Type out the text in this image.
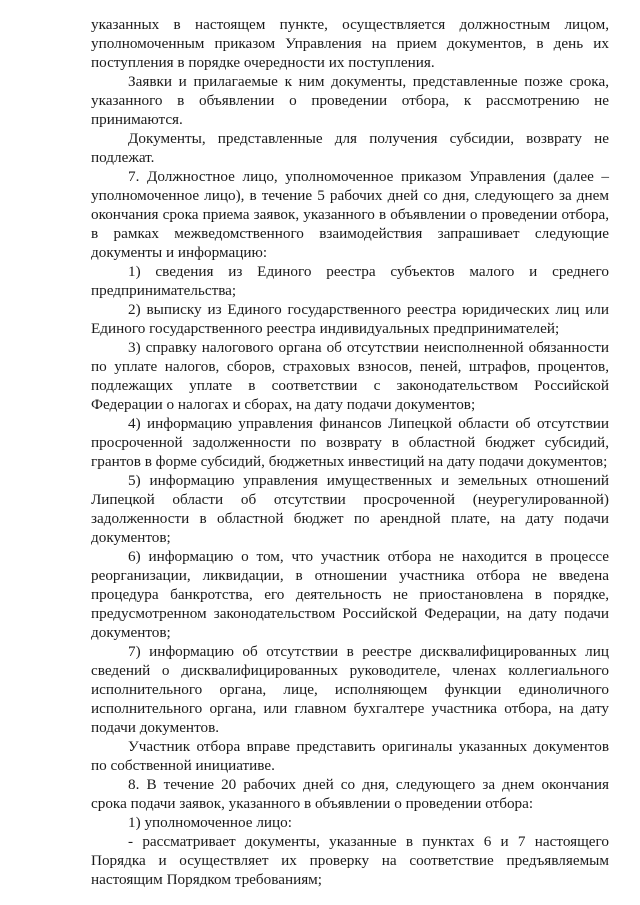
указанных в настоящем пункте, осуществляется должностным лицом, уполномоченным приказом Управления на прием документов, в день их поступления в порядке очередности их поступления.

Заявки и прилагаемые к ним документы, представленные позже срока, указанного в объявлении о проведении отбора, к рассмотрению не принимаются.

Документы, представленные для получения субсидии, возврату не подлежат.

7. Должностное лицо, уполномоченное приказом Управления (далее – уполномоченное лицо), в течение 5 рабочих дней со дня, следующего за днем окончания срока приема заявок, указанного в объявлении о проведении отбора, в рамках межведомственного взаимодействия запрашивает следующие документы и информацию:

1) сведения из Единого реестра субъектов малого и среднего предпринимательства;

2) выписку из Единого государственного реестра юридических лиц или Единого государственного реестра индивидуальных предпринимателей;

3) справку налогового органа об отсутствии неисполненной обязанности по уплате налогов, сборов, страховых взносов, пеней, штрафов, процентов, подлежащих уплате в соответствии с законодательством Российской Федерации о налогах и сборах, на дату подачи документов;

4) информацию управления финансов Липецкой области об отсутствии просроченной задолженности по возврату в областной бюджет субсидий, грантов в форме субсидий, бюджетных инвестиций на дату подачи документов;

5) информацию управления имущественных и земельных отношений Липецкой области об отсутствии просроченной (неурегулированной) задолженности в областной бюджет по арендной плате, на дату подачи документов;

6) информацию о том, что участник отбора не находится в процессе реорганизации, ликвидации, в отношении участника отбора не введена процедура банкротства, его деятельность не приостановлена в порядке, предусмотренном законодательством Российской Федерации, на дату подачи документов;

7) информацию об отсутствии в реестре дисквалифицированных лиц сведений о дисквалифицированных руководителе, членах коллегиального исполнительного органа, лице, исполняющем функции единоличного исполнительного органа, или главном бухгалтере участника отбора, на дату подачи документов.

Участник отбора вправе представить оригиналы указанных документов по собственной инициативе.

8. В течение 20 рабочих дней со дня, следующего за днем окончания срока подачи заявок, указанного в объявлении о проведении отбора:

1) уполномоченное лицо:

- рассматривает документы, указанные в пунктах 6 и 7 настоящего Порядка и осуществляет их проверку на соответствие предъявляемым настоящим Порядком требованиям;
